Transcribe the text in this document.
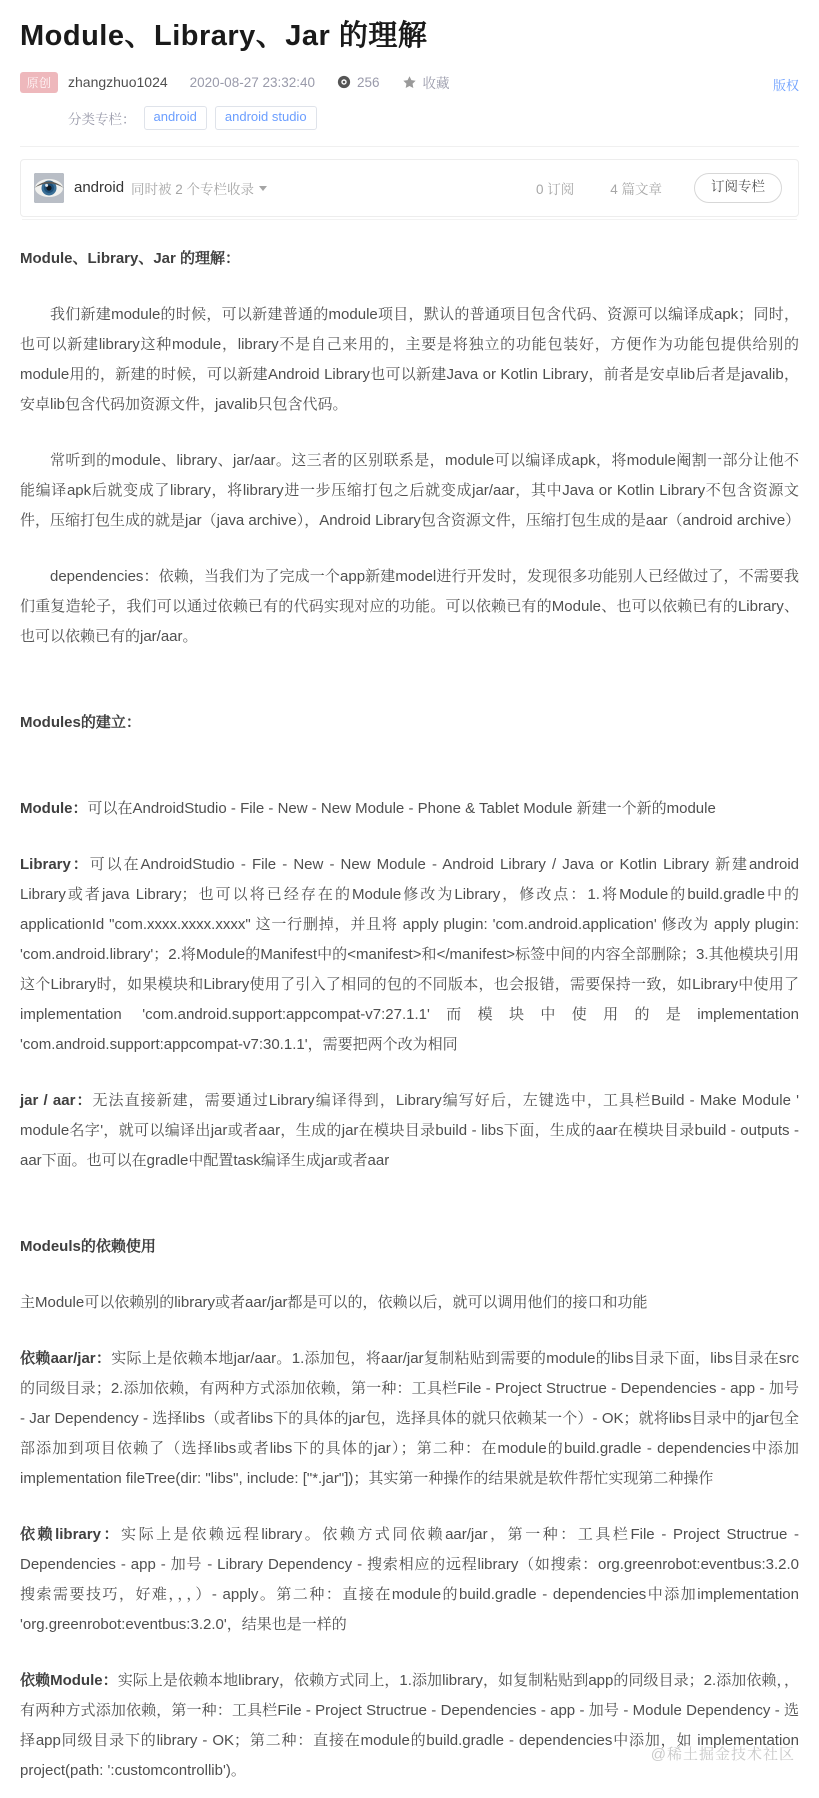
Module、Library、Jar 的理解
原创	zhangzhuo1024 2020-08-27 23:32:40	256	收藏	版权
分类专栏：	android	android studio
android 同时被 2 个专栏收录	0 订阅	4 篇文章	订阅专栏

Module、Library、Jar 的理解：

我们新建module的时候，可以新建普通的module项目，默认的普通项目包含代码、资源可以编译成apk；同时，也可以新建library这种module，library不是自己来用的，主要是将独立的功能包装好，方便作为功能包提供给别的module用的，新建的时候，可以新建Android Library也可以新建Java or Kotlin Library，前者是安卓lib后者是javalib，安卓lib包含代码加资源文件，javalib只包含代码。

常听到的module、library、jar/aar。这三者的区别联系是，module可以编译成apk，将module阉割一部分让他不能编译apk后就变成了library，将library进一步压缩打包之后就变成jar/aar，其中Java or Kotlin Library不包含资源文件，压缩打包生成的就是jar（java archive），Android Library包含资源文件，压缩打包生成的是aar（android archive）

dependencies：依赖，当我们为了完成一个app新建model进行开发时，发现很多功能别人已经做过了，不需要我们重复造轮子，我们可以通过依赖已有的代码实现对应的功能。可以依赖已有的Module、也可以依赖已有的Library、也可以依赖已有的jar/aar。

Modules的建立：

Module：可以在AndroidStudio - File - New - New Module - Phone & Tablet Module 新建一个新的module

Library：可以在AndroidStudio - File - New - New Module - Android Library / Java or Kotlin Library 新建android Library或者java Library；也可以将已经存在的Module修改为Library，修改点：1.将Module的build.gradle中的 applicationId "com.xxxx.xxxx.xxxx" 这一行删掉，并且将 apply plugin: 'com.android.application' 修改为 apply plugin: 'com.android.library'；2.将Module的Manifest中的<manifest>和</manifest>标签中间的内容全部删除；3.其他模块引用这个Library时，如果模块和Library使用了引入了相同的包的不同版本，也会报错，需要保持一致，如Library中使用了implementation 'com.android.support:appcompat-v7:27.1.1'而模块中使用的是implementation 'com.android.support:appcompat-v7:30.1.1'，需要把两个改为相同

jar / aar：无法直接新建，需要通过Library编译得到，Library编写好后，左键选中，工具栏Build - Make Module ' module名字'，就可以编译出jar或者aar，生成的jar在模块目录build - libs下面，生成的aar在模块目录build - outputs - aar下面。也可以在gradle中配置task编译生成jar或者aar

Modeuls的依赖使用

主Module可以依赖别的library或者aar/jar都是可以的，依赖以后，就可以调用他们的接口和功能

依赖aar/jar：实际上是依赖本地jar/aar。1.添加包，将aar/jar复制粘贴到需要的module的libs目录下面，libs目录在src的同级目录；2.添加依赖，有两种方式添加依赖，第一种：工具栏File - Project Structrue - Dependencies - app - 加号 - Jar Dependency - 选择libs（或者libs下的具体的jar包，选择具体的就只依赖某一个）- OK；就将libs目录中的jar包全部添加到项目依赖了（选择libs或者libs下的具体的jar）；第二种：在module的build.gradle - dependencies中添加implementation fileTree(dir: "libs", include: ["*.jar"])；其实第一种操作的结果就是软件帮忙实现第二种操作

依赖library：实际上是依赖远程library。依赖方式同依赖aar/jar，第一种：工具栏File - Project Structrue - Dependencies - app - 加号 - Library Dependency - 搜索相应的远程library（如搜索：org.greenrobot:eventbus:3.2.0 搜索需要技巧，好难，，，）- apply。第二种：直接在module的build.gradle - dependencies中添加implementation 'org.greenrobot:eventbus:3.2.0'，结果也是一样的

依赖Module：实际上是依赖本地library，依赖方式同上，1.添加library，如复制粘贴到app的同级目录；2.添加依赖，，有两种方式添加依赖，第一种：工具栏File - Project Structrue - Dependencies - app - 加号 - Module Dependency - 选择app同级目录下的library - OK；第二种：直接在module的build.gradle - dependencies中添加，如 implementation project(path: ':customcontrollib')。

@稀土掘金技术社区
